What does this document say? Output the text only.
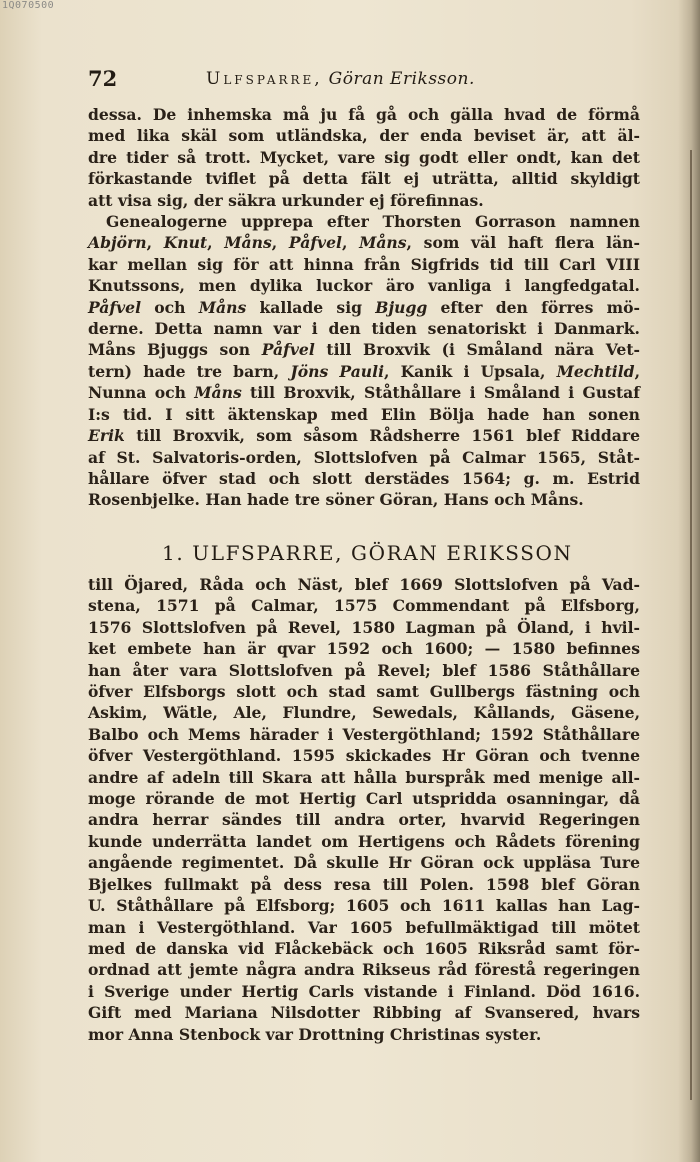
1Q070500
72	Ulfsparre, Göran Eriksson.
dessa. De inhemska må ju få gå och gälla hvad de förmå
med lika skäl som utländska, der enda beviset är, att äl-
dre tider så trott. Mycket, vare sig godt eller ondt, kan det
förkastande tviflet på detta fält ej uträtta, alltid skyldigt
att visa sig, der säkra urkunder ej förefinnas.
Genealogerne upprepa efter Thorsten Gorrason namnen
Abjörn, Knut, Måns, Påfvel, Måns, som väl haft flera län-
kar mellan sig för att hinna från Sigfrids tid till Carl VIII
Knutssons, men dylika luckor äro vanliga i langfedgatal.
Påfvel och Måns kallade sig Bjugg efter den förres mö-
derne. Detta namn var i den tiden senatoriskt i Danmark.
Måns Bjuggs son Påfvel till Broxvik (i Småland nära Vet-
tern) hade tre barn, Jöns Pauli, Kanik i Upsala, Mechtild,
Nunna och Måns till Broxvik, Ståthållare i Småland i Gustaf
I:s tid. I sitt äktenskap med Elin Bölja hade han sonen
Erik till Broxvik, som såsom Rådsherre 1561 blef Riddare
af St. Salvatoris-orden, Slottslofven på Calmar 1565, Ståt-
hållare öfver stad och slott derstädes 1564; g. m. Estrid
Rosenbjelke. Han hade tre söner Göran, Hans och Måns.
1. ULFSPARRE, GÖRAN ERIKSSON
till Öjared, Råda och Näst, blef 1669 Slottslofven på Vad-
stena, 1571 på Calmar, 1575 Commendant på Elfsborg,
1576 Slottslofven på Revel, 1580 Lagman på Öland, i hvil-
ket embete han är qvar 1592 och 1600; — 1580 befinnes
han åter vara Slottslofven på Revel; blef 1586 Ståthållare
öfver Elfsborgs slott och stad samt Gullbergs fästning och
Askim, Wätle, Ale, Flundre, Sewedals, Kållands, Gäsene,
Balbo och Mems härader i Vestergöthland; 1592 Ståthållare
öfver Vestergöthland. 1595 skickades Hr Göran och tvenne
andre af adeln till Skara att hålla burspråk med menige all-
moge rörande de mot Hertig Carl utspridda osanningar, då
andra herrar sändes till andra orter, hvarvid Regeringen
kunde underrätta landet om Hertigens och Rådets förening
angående regimentet. Då skulle Hr Göran ock uppläsa Ture
Bjelkes fullmakt på dess resa till Polen. 1598 blef Göran
U. Ståthållare på Elfsborg; 1605 och 1611 kallas han Lag-
man i Vestergöthland. Var 1605 befullmäktigad till mötet
med de danska vid Flåckebäck och 1605 Riksråd samt för-
ordnad att jemte några andra Rikseus råd förestå regeringen
i Sverige under Hertig Carls vistande i Finland. Död 1616.
Gift med Mariana Nilsdotter Ribbing af Svansered, hvars
mor Anna Stenbock var Drottning Christinas syster.
